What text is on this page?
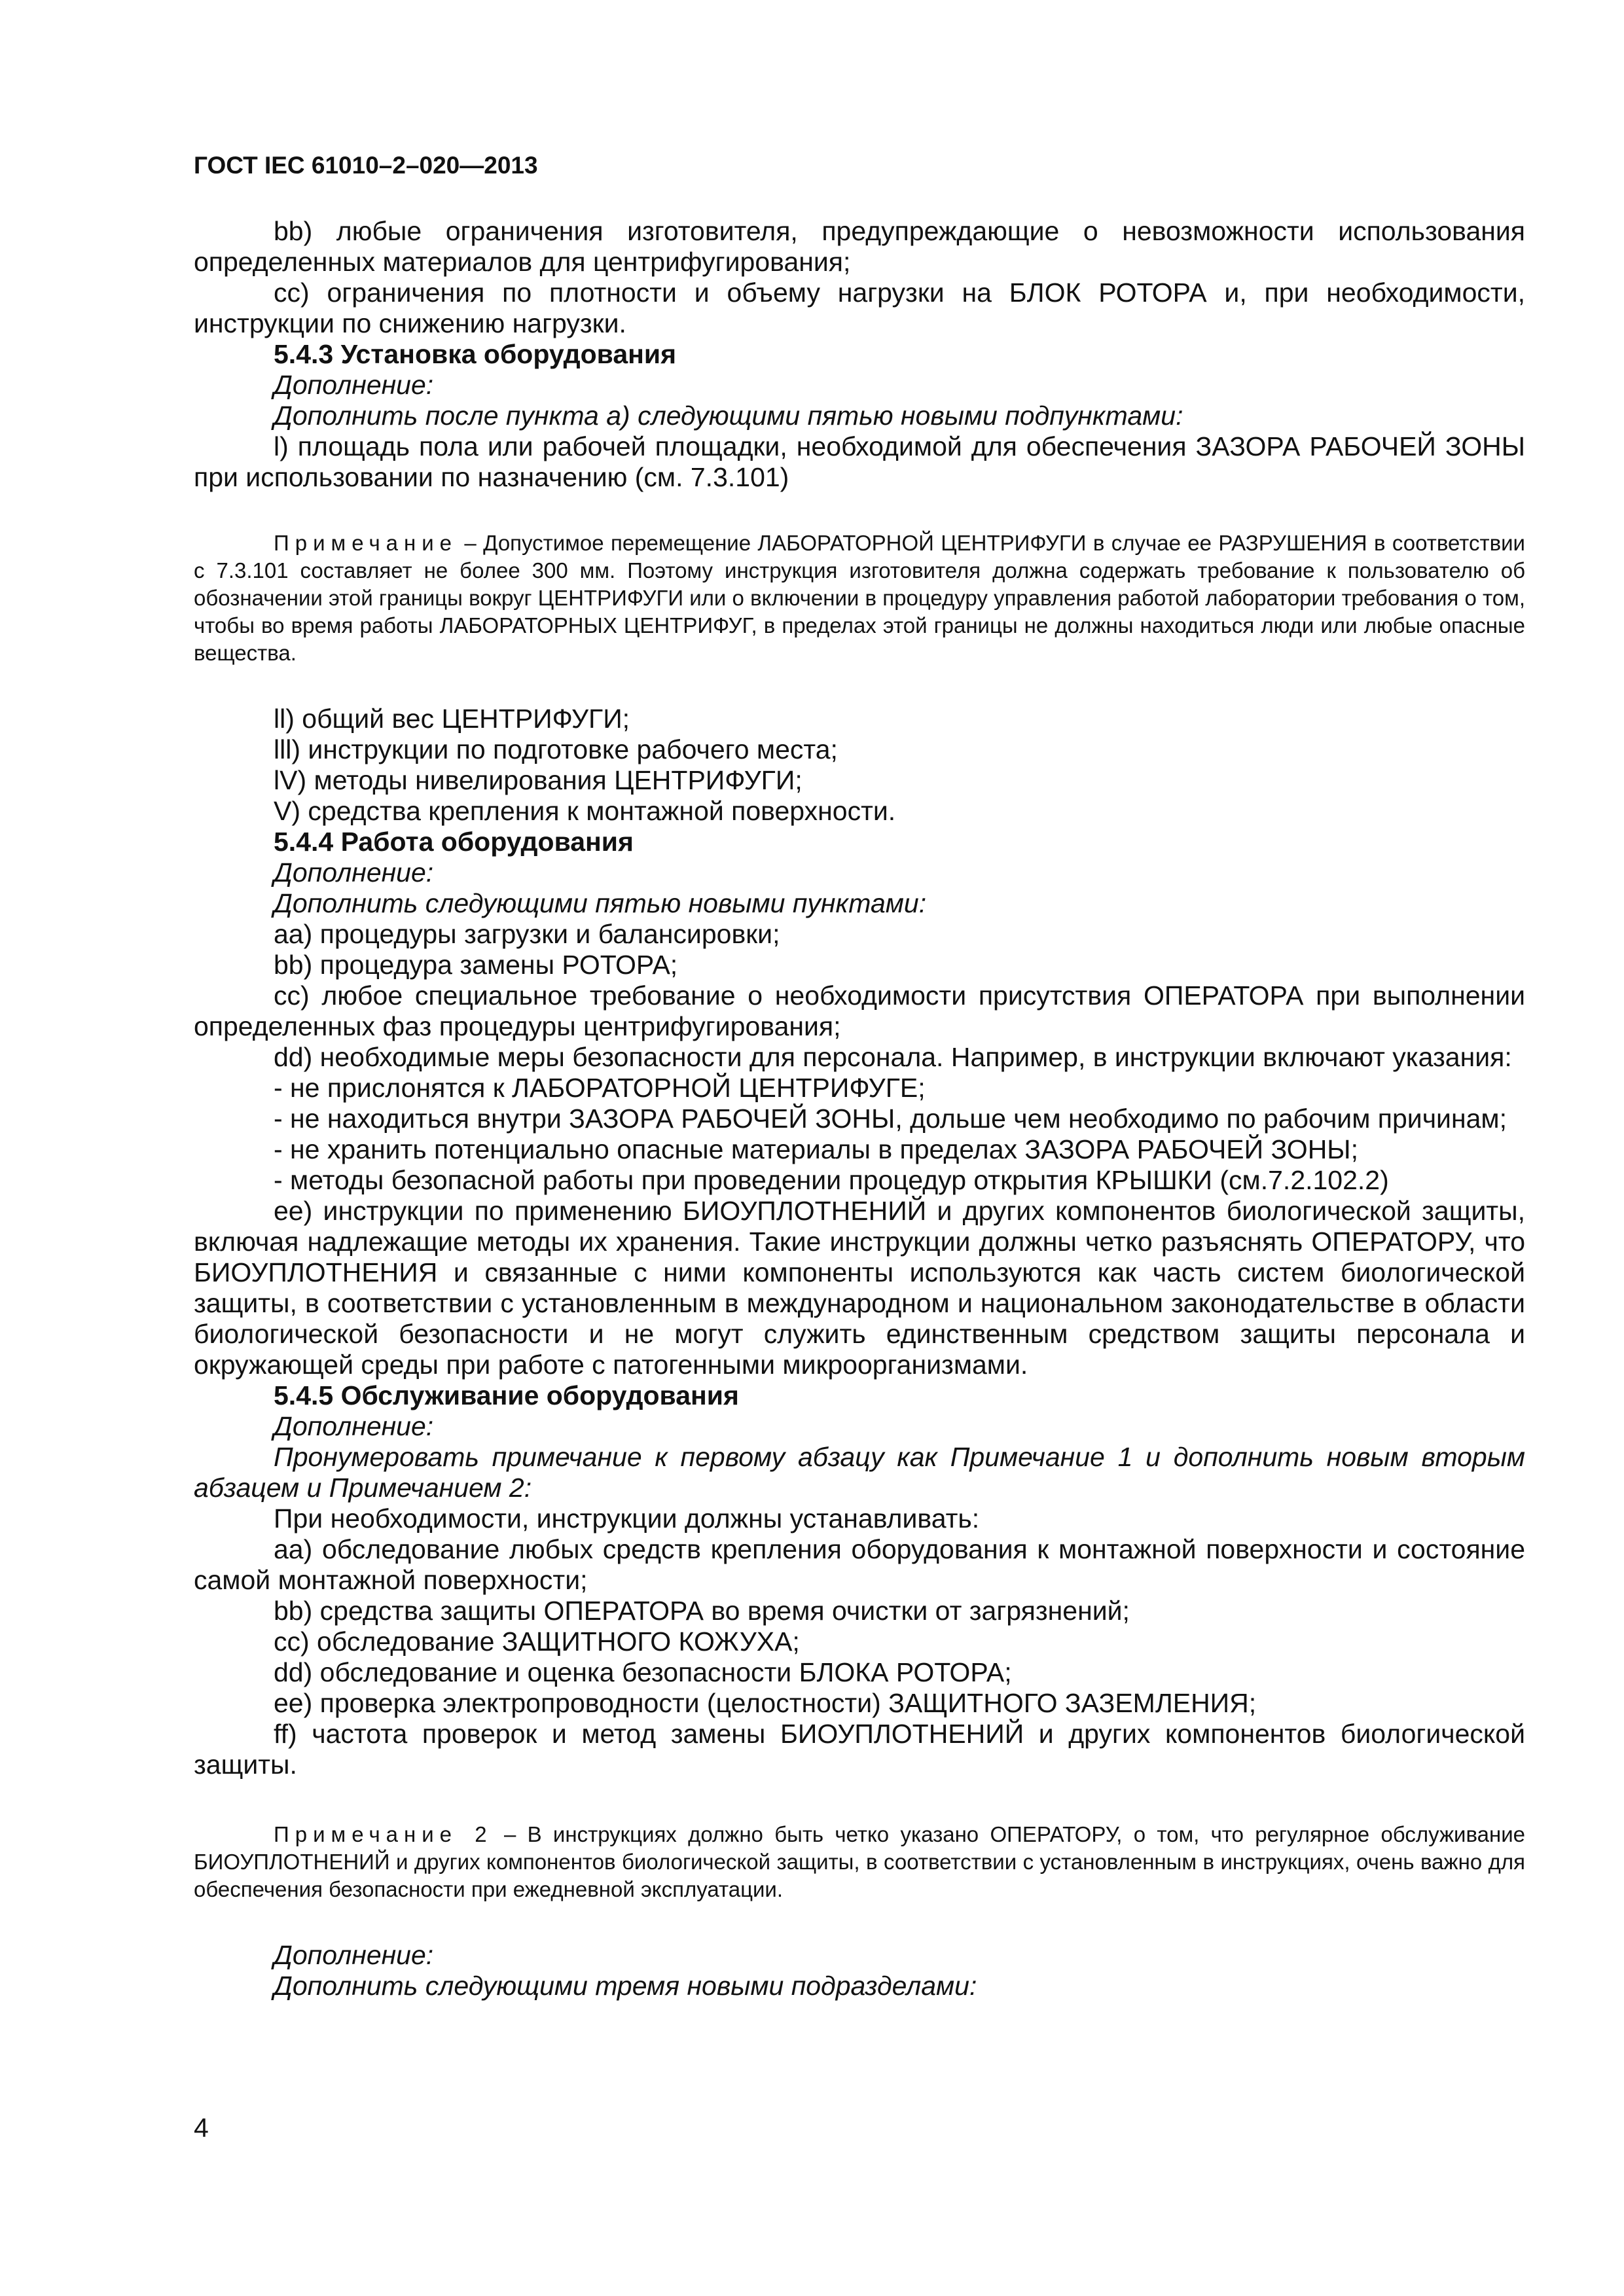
ГОСТ IEC 61010–2–020—2013

bb) любые ограничения изготовителя, предупреждающие о невозможности использования определенных материалов для центрифугирования;

cc) ограничения по плотности и объему нагрузки на БЛОК РОТОРА и, при необходимости, инструкции по снижению нагрузки.

5.4.3 Установка оборудования

Дополнение:

Дополнить после пункта a) следующими пятью новыми подпунктами:

l) площадь пола или рабочей площадки, необходимой для обеспечения ЗАЗОРА РАБОЧЕЙ ЗОНЫ при использовании по назначению (см. 7.3.101)

Примечание – Допустимое перемещение ЛАБОРАТОРНОЙ ЦЕНТРИФУГИ в случае ее РАЗРУШЕНИЯ в соответствии с 7.3.101 составляет не более 300 мм. Поэтому инструкция изготовителя должна содержать требование к пользователю об обозначении этой границы вокруг ЦЕНТРИФУГИ или о включении в процедуру управления работой лаборатории требования о том, чтобы во время работы ЛАБОРАТОРНЫХ ЦЕНТРИФУГ, в пределах этой границы не должны находиться люди или любые опасные вещества.

ll) общий вес ЦЕНТРИФУГИ;

lll) инструкции по подготовке рабочего места;

lV) методы нивелирования ЦЕНТРИФУГИ;

V) средства крепления к монтажной поверхности.

5.4.4 Работа оборудования

Дополнение:

Дополнить следующими пятью новыми пунктами:

aa) процедуры загрузки и балансировки;

bb) процедура замены РОТОРА;

cc) любое специальное требование о необходимости присутствия ОПЕРАТОРА при выполнении определенных фаз процедуры центрифугирования;

dd) необходимые меры безопасности для персонала. Например, в инструкции включают указания:

- не прислонятся к ЛАБОРАТОРНОЙ ЦЕНТРИФУГЕ;

- не находиться внутри ЗАЗОРА РАБОЧЕЙ ЗОНЫ, дольше чем необходимо по рабочим причинам;

- не хранить потенциально опасные материалы в пределах ЗАЗОРА РАБОЧЕЙ ЗОНЫ;

- методы безопасной работы при проведении процедур открытия КРЫШКИ (см.7.2.102.2)

ee) инструкции по применению БИОУПЛОТНЕНИЙ и других компонентов биологической защиты, включая надлежащие методы их хранения. Такие инструкции должны четко разъяснять ОПЕРАТОРУ, что БИОУПЛОТНЕНИЯ и связанные с ними компоненты используются как часть систем биологической защиты, в соответствии с установленным в международном и национальном законодательстве в области биологической безопасности и не могут служить единственным средством защиты персонала и окружающей среды при работе с патогенными микроорганизмами.

5.4.5 Обслуживание оборудования

Дополнение:

Пронумеровать примечание к первому абзацу как Примечание 1 и дополнить новым вторым абзацем и Примечанием 2:

При необходимости, инструкции должны устанавливать:

aa) обследование любых средств крепления оборудования к монтажной поверхности и состояние самой монтажной поверхности;

bb) средства защиты ОПЕРАТОРА во время очистки от загрязнений;

cc) обследование ЗАЩИТНОГО КОЖУХА;

dd) обследование и оценка безопасности БЛОКА РОТОРА;

ee) проверка электропроводности (целостности) ЗАЩИТНОГО ЗАЗЕМЛЕНИЯ;

ff) частота проверок и метод замены БИОУПЛОТНЕНИЙ и других компонентов биологической защиты.

Примечание 2 – В инструкциях должно быть четко указано ОПЕРАТОРУ, о том, что регулярное обслуживание БИОУПЛОТНЕНИЙ и других компонентов биологической защиты, в соответствии с установленным в инструкциях, очень важно для обеспечения безопасности при ежедневной эксплуатации.

Дополнение:

Дополнить следующими тремя новыми подразделами:

4
